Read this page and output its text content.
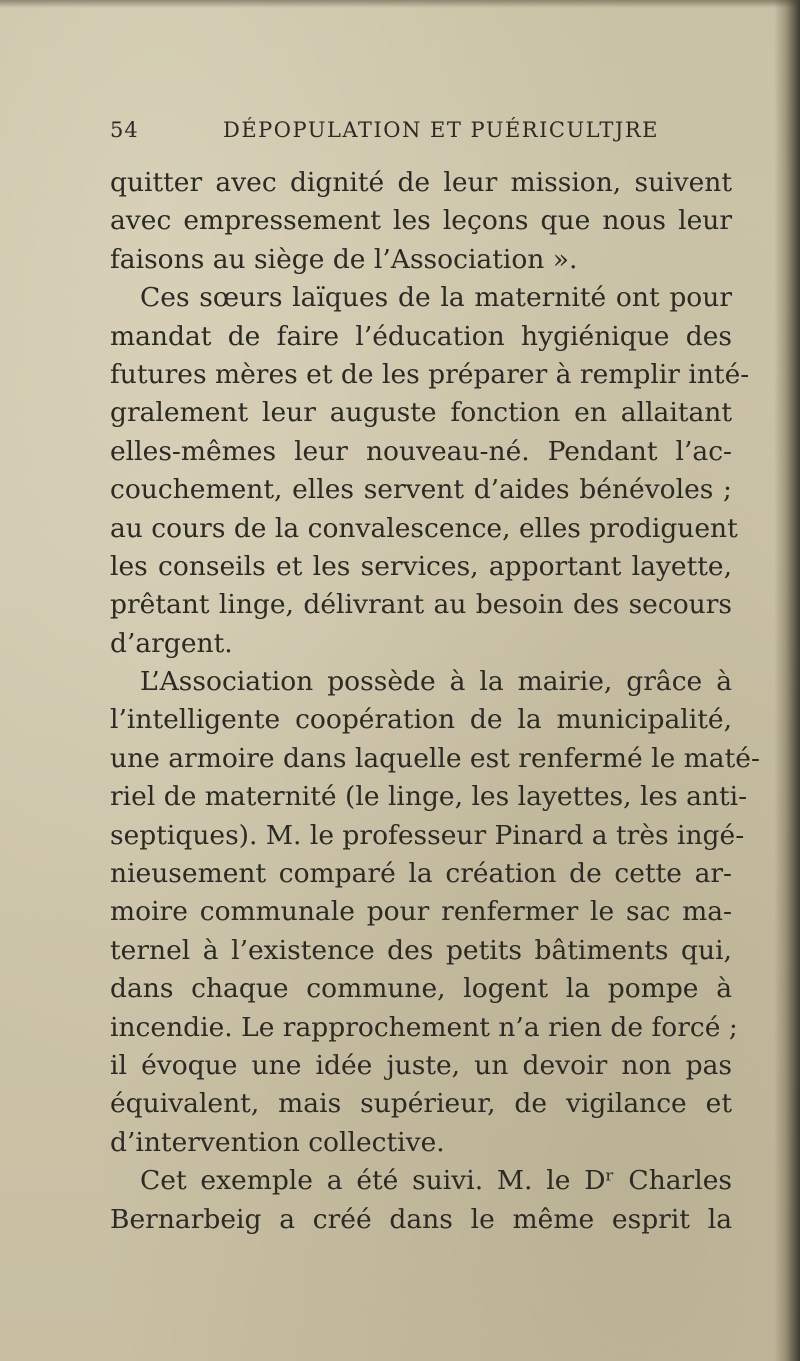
54	DÉPOPULATION ET PUÉRICULTJRE
quitter avec dignité de leur mission, suivent
avec empressement les leçons que nous leur
faisons au siège de l’Association ».
Ces sœurs laïques de la maternité ont pour
mandat de faire l’éducation hygiénique des
futures mères et de les préparer à remplir inté-
gralement leur auguste fonction en allaitant
elles-mêmes leur nouveau-né. Pendant l’ac-
couchement, elles servent d’aides bénévoles ;
au cours de la convalescence, elles prodiguent
les conseils et les services, apportant layette,
prêtant linge, délivrant au besoin des secours
d’argent.
L’Association possède à la mairie, grâce à
l’intelligente coopération de la municipalité,
une armoire dans laquelle est renfermé le maté-
riel de maternité (le linge, les layettes, les anti-
septiques). M. le professeur Pinard a très ingé-
nieusement comparé la création de cette ar-
moire communale pour renfermer le sac ma-
ternel à l’existence des petits bâtiments qui,
dans chaque commune, logent la pompe à
incendie. Le rapprochement n’a rien de forcé ;
il évoque une idée juste, un devoir non pas
équivalent, mais supérieur, de vigilance et
d’intervention collective.
Cet exemple a été suivi. M. le Dʳ Charles
Bernarbeig a créé dans le même esprit la
